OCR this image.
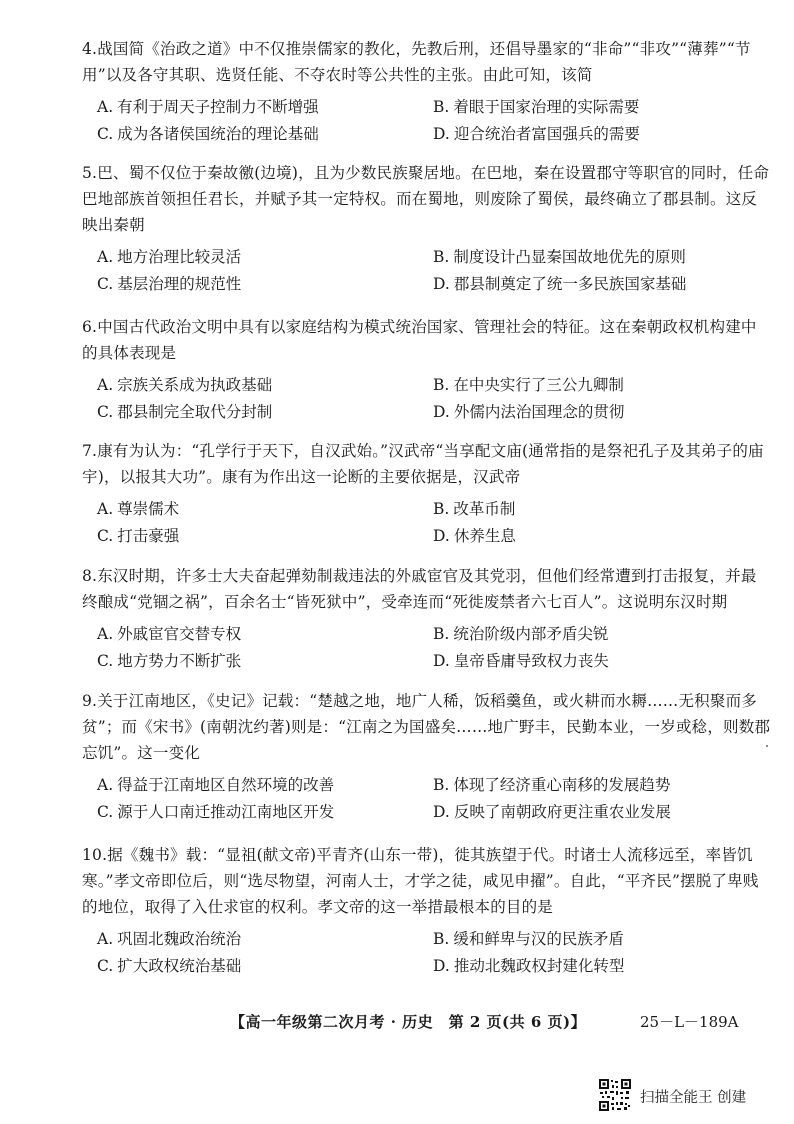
4.战国简《治政之道》中不仅推崇儒家的教化，先教后刑，还倡导墨家的“非命”“非攻”“薄葬”“节用”以及各守其职、选贤任能、不夺农时等公共性的主张。由此可知，该简

A. 有利于周天子控制力不断增强	B. 着眼于国家治理的实际需要
C. 成为各诸侯国统治的理论基础	D. 迎合统治者富国强兵的需要

5.巴、蜀不仅位于秦故徼(边境)，且为少数民族聚居地。在巴地，秦在设置郡守等职官的同时，任命巴地部族首领担任君长，并赋予其一定特权。而在蜀地，则废除了蜀侯，最终确立了郡县制。这反映出秦朝

A. 地方治理比较灵活	B. 制度设计凸显秦国故地优先的原则
C. 基层治理的规范性	D. 郡县制奠定了统一多民族国家基础

6.中国古代政治文明中具有以家庭结构为模式统治国家、管理社会的特征。这在秦朝政权机构建中的具体表现是

A. 宗族关系成为执政基础	B. 在中央实行了三公九卿制
C. 郡县制完全取代分封制	D. 外儒内法治国理念的贯彻

7.康有为认为：“孔学行于天下，自汉武始。”汉武帝“当享配文庙(通常指的是祭祀孔子及其弟子的庙宇)，以报其大功”。康有为作出这一论断的主要依据是，汉武帝

A. 尊崇儒术	B. 改革币制
C. 打击豪强	D. 休养生息

8.东汉时期，许多士大夫奋起弹劾制裁违法的外戚宦官及其党羽，但他们经常遭到打击报复，并最终酿成“党锢之祸”，百余名士“皆死狱中”，受牵连而“死徙废禁者六七百人”。这说明东汉时期

A. 外戚宦官交替专权	B. 统治阶级内部矛盾尖锐
C. 地方势力不断扩张	D. 皇帝昏庸导致权力丧失

9.关于江南地区，《史记》记载：“楚越之地，地广人稀，饭稻羹鱼，或火耕而水耨……无积聚而多贫”；而《宋书》(南朝沈约著)则是：“江南之为国盛矣……地广野丰，民勤本业，一岁或稔，则数郡忘饥”。这一变化

A. 得益于江南地区自然环境的改善	B. 体现了经济重心南移的发展趋势
C. 源于人口南迁推动江南地区开发	D. 反映了南朝政府更注重农业发展

10.据《魏书》载：“显祖(献文帝)平青齐(山东一带)，徙其族望于代。时诸士人流移远至，率皆饥寒。”孝文帝即位后，则“选尽物望，河南人士，才学之徒，咸见申擢”。自此，“平齐民”摆脱了卑贱的地位，取得了入仕求宦的权利。孝文帝的这一举措最根本的目的是

A. 巩固北魏政治统治	B. 缓和鲜卑与汉的民族矛盾
C. 扩大政权统治基础	D. 推动北魏政权封建化转型
【高一年级第二次月考 · 历史　第 2 页(共 6 页)】	25－L－189A
扫描全能王 创建
